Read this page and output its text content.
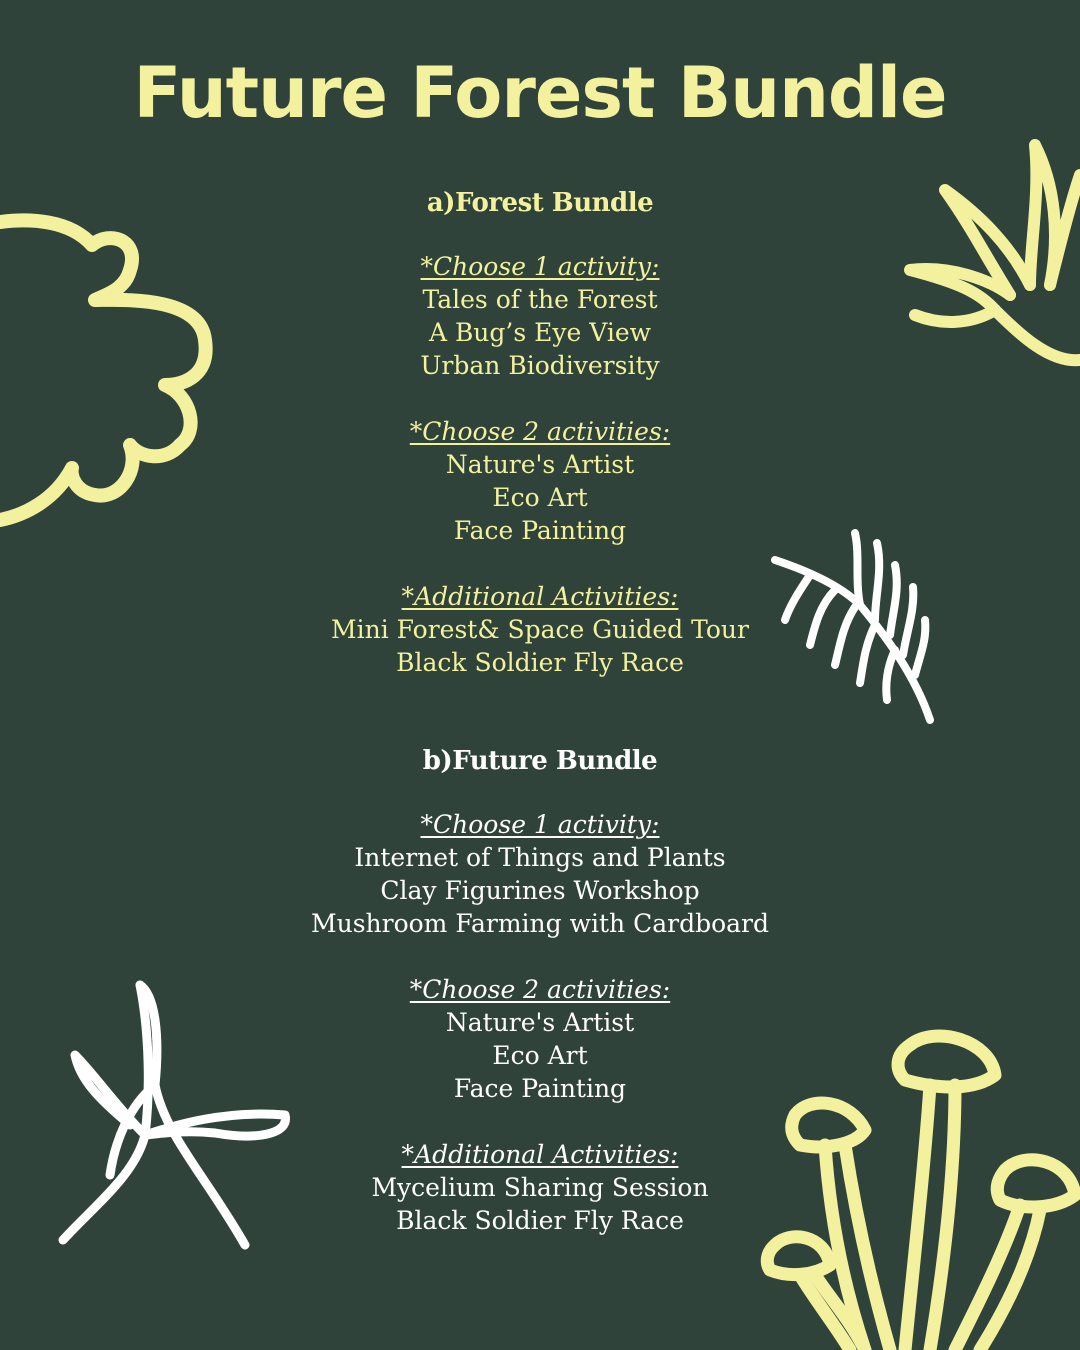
Future Forest Bundle

a)Forest Bundle

*Choose 1 activity:

Tales of the Forest

A Bug’s Eye View

Urban Biodiversity

*Choose 2 activities:

Nature's Artist

Eco Art

Face Painting

*Additional Activities:

Mini Forest& Space Guided Tour

Black Soldier Fly Race

b)Future Bundle

*Choose 1 activity:

Internet of Things and Plants

Clay Figurines Workshop

Mushroom Farming with Cardboard

*Choose 2 activities:

Nature's Artist

Eco Art

Face Painting

*Additional Activities:

Mycelium Sharing Session

Black Soldier Fly Race
